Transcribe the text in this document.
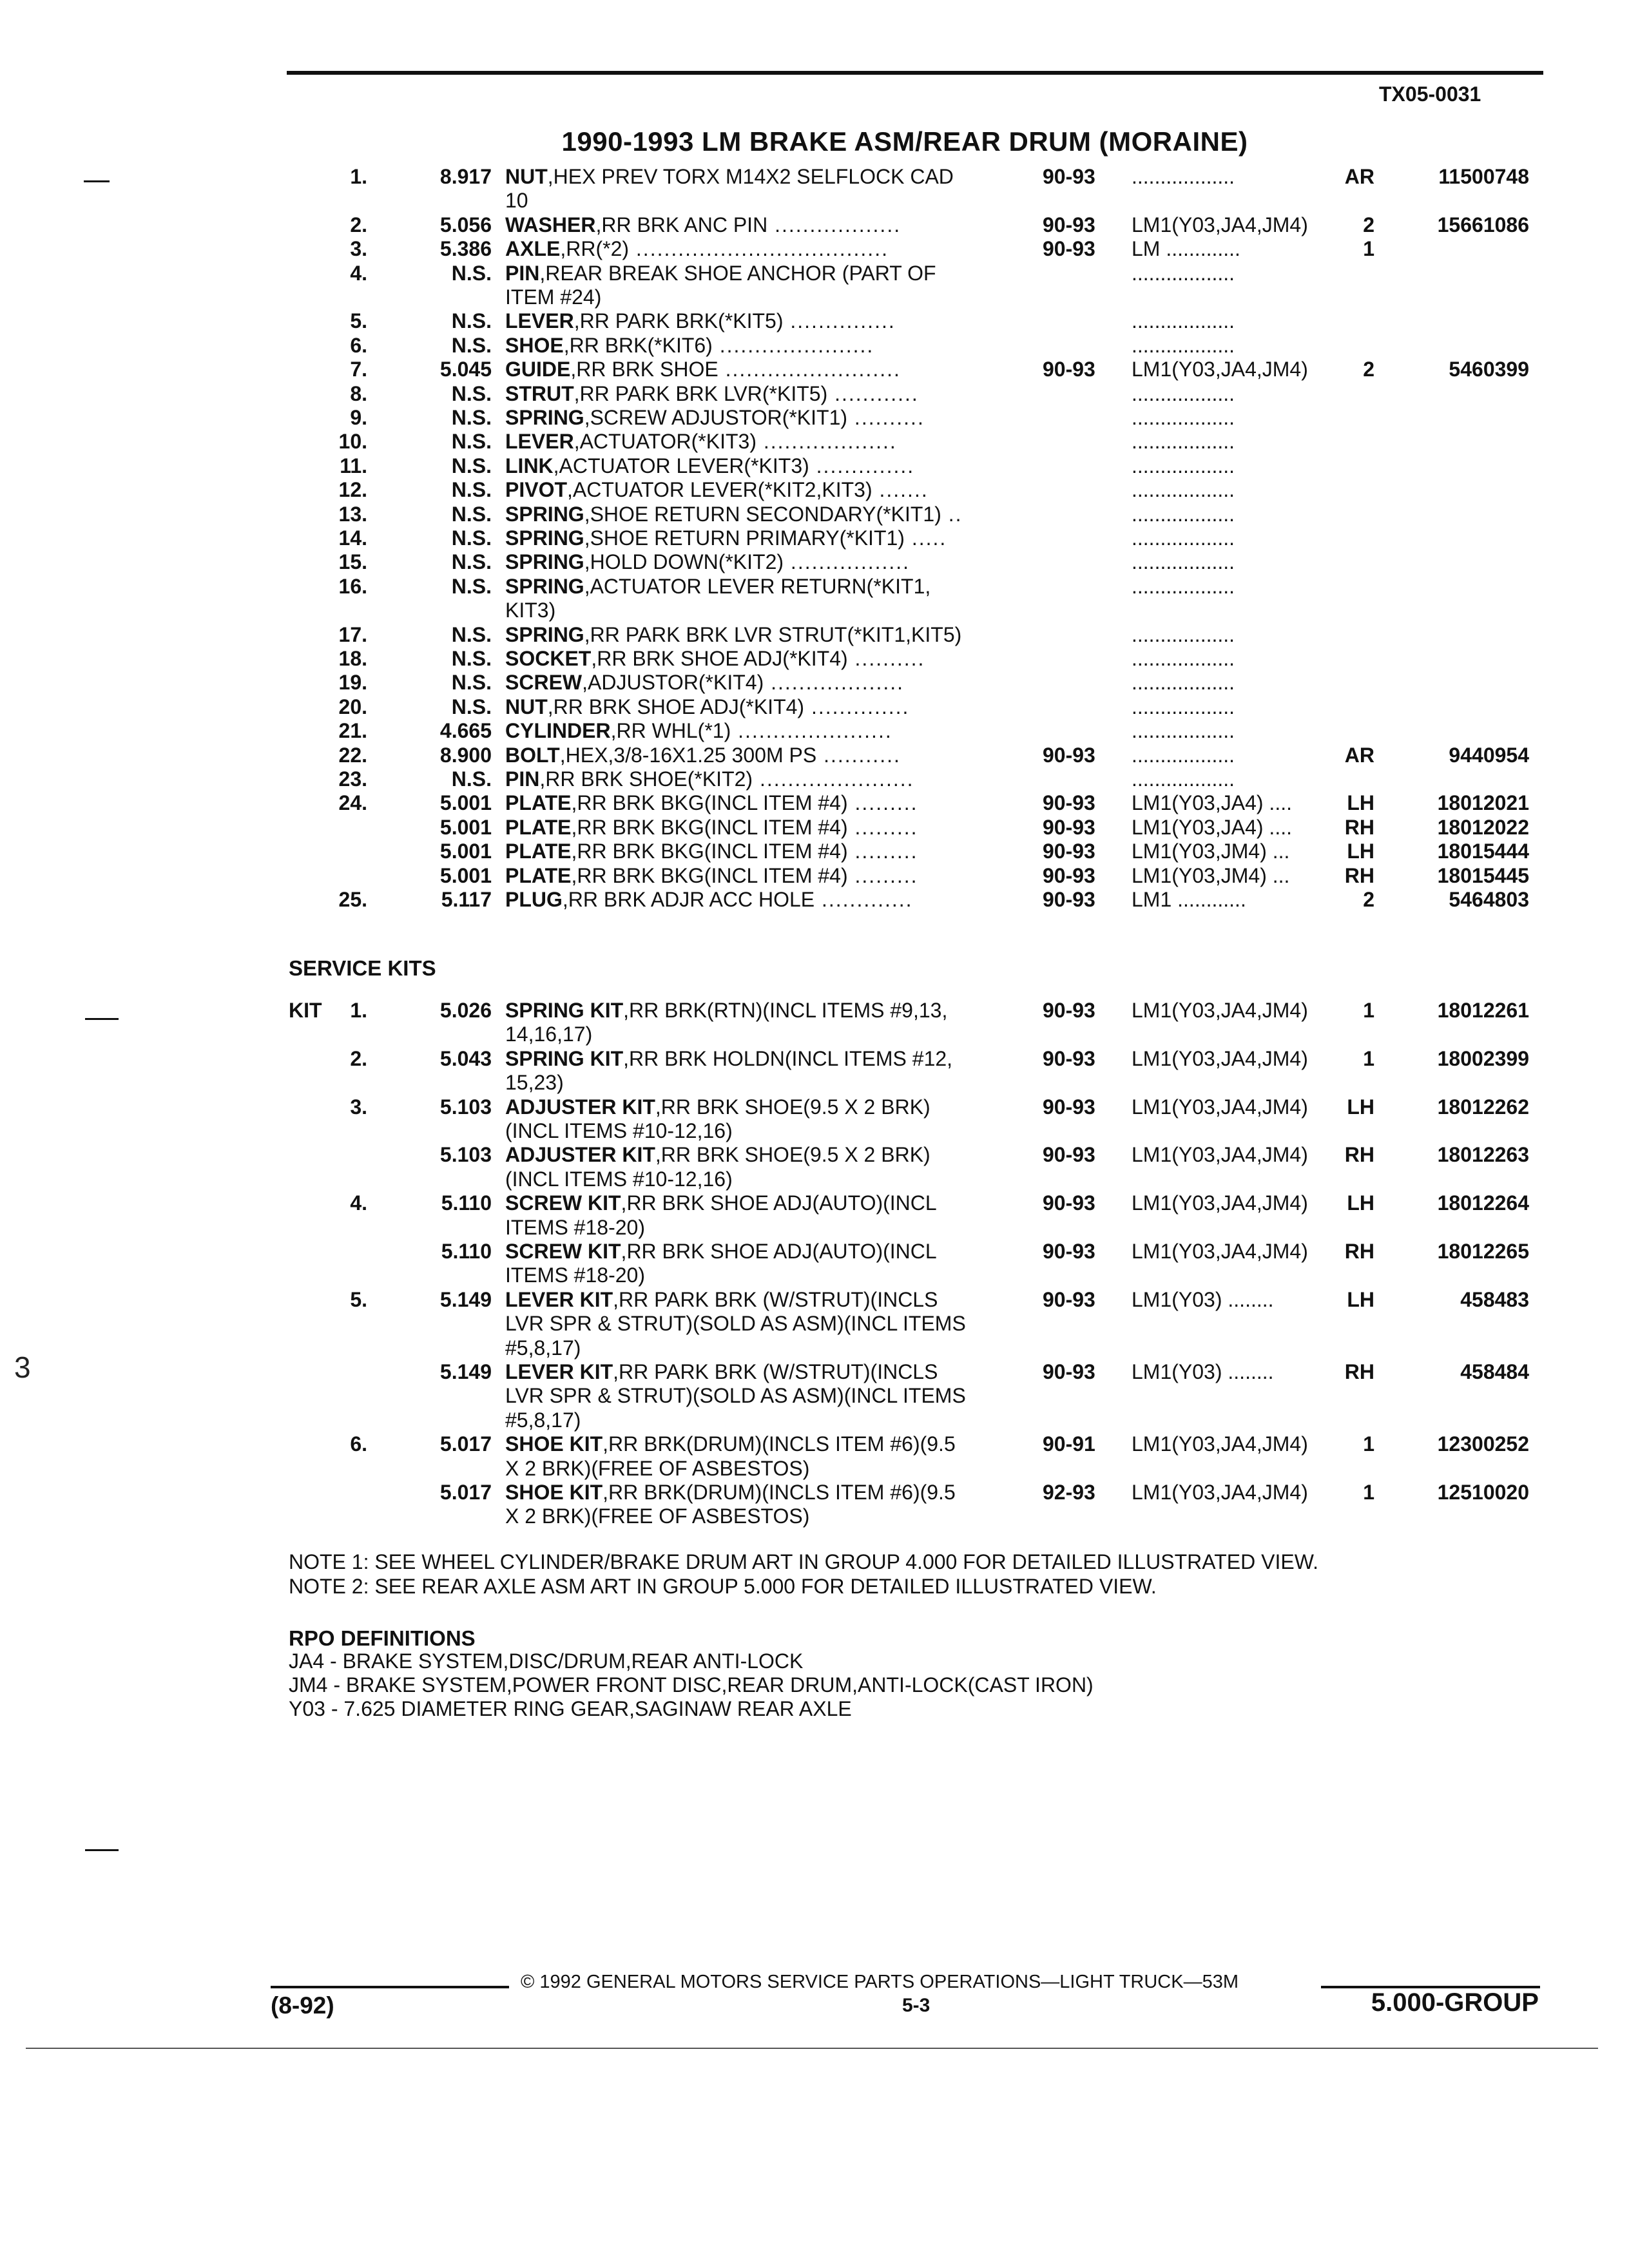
TX05-0031
1990-1993 LM BRAKE ASM/REAR DRUM (MORAINE)
1.	8.917 NUT,HEX PREV TORX M14X2 SELFLOCK CAD	90-93 ..................	AR	11500748
10
2.	5.056 WASHER,RR BRK ANC PIN ..................	90-93 LM1(Y03,JA4,JM4)	2	15661086
3.	5.386 AXLE,RR(*2) ....................................	90-93 LM .............	1
4.	N.S. PIN,REAR BREAK SHOE ANCHOR (PART OF	..................
ITEM #24)
5.	N.S. LEVER,RR PARK BRK(*KIT5) ...............	..................
6.	N.S. SHOE,RR BRK(*KIT6) ......................	..................
7.	5.045 GUIDE,RR BRK SHOE .........................	90-93 LM1(Y03,JA4,JM4)	2	5460399
8.	N.S. STRUT,RR PARK BRK LVR(*KIT5) ............	..................
9.	N.S. SPRING,SCREW ADJUSTOR(*KIT1) ..........	..................
10.	N.S. LEVER,ACTUATOR(*KIT3) ...................	..................
11.	N.S. LINK,ACTUATOR LEVER(*KIT3) ..............	..................
12.	N.S. PIVOT,ACTUATOR LEVER(*KIT2,KIT3) .......	..................
13.	N.S. SPRING,SHOE RETURN SECONDARY(*KIT1) ..	..................
14.	N.S. SPRING,SHOE RETURN PRIMARY(*KIT1) .....	..................
15.	N.S. SPRING,HOLD DOWN(*KIT2) .................	..................
16.	N.S. SPRING,ACTUATOR LEVER RETURN(*KIT1,	..................
KIT3)
17.	N.S. SPRING,RR PARK BRK LVR STRUT(*KIT1,KIT5)	..................
18.	N.S. SOCKET,RR BRK SHOE ADJ(*KIT4) ..........	..................
19.	N.S. SCREW,ADJUSTOR(*KIT4) ...................	..................
20.	N.S. NUT,RR BRK SHOE ADJ(*KIT4) ..............	..................
21.	4.665 CYLINDER,RR WHL(*1) ......................	..................
22.	8.900 BOLT,HEX,3/8-16X1.25 300M PS ...........	90-93 ..................	AR	9440954
23.	N.S. PIN,RR BRK SHOE(*KIT2) ......................	..................
24.	5.001 PLATE,RR BRK BKG(INCL ITEM #4) .........	90-93 LM1(Y03,JA4) ....	LH	18012021
5.001 PLATE,RR BRK BKG(INCL ITEM #4) .........	90-93 LM1(Y03,JA4) ....	RH	18012022
5.001 PLATE,RR BRK BKG(INCL ITEM #4) .........	90-93 LM1(Y03,JM4) ...	LH	18015444
5.001 PLATE,RR BRK BKG(INCL ITEM #4) .........	90-93 LM1(Y03,JM4) ...	RH	18015445
25.	5.117 PLUG,RR BRK ADJR ACC HOLE .............	90-93 LM1 ............	2	5464803
SERVICE KITS
KIT 1.	5.026 SPRING KIT,RR BRK(RTN)(INCL ITEMS #9,13,	90-93 LM1(Y03,JA4,JM4)	1	18012261
14,16,17)
2.	5.043 SPRING KIT,RR BRK HOLDN(INCL ITEMS #12,	90-93 LM1(Y03,JA4,JM4)	1	18002399
15,23)
3.	5.103 ADJUSTER KIT,RR BRK SHOE(9.5 X 2 BRK)	90-93 LM1(Y03,JA4,JM4)	LH	18012262
(INCL ITEMS #10-12,16)
5.103 ADJUSTER KIT,RR BRK SHOE(9.5 X 2 BRK)	90-93 LM1(Y03,JA4,JM4)	RH	18012263
(INCL ITEMS #10-12,16)
4.	5.110 SCREW KIT,RR BRK SHOE ADJ(AUTO)(INCL	90-93 LM1(Y03,JA4,JM4)	LH	18012264
ITEMS #18-20)
5.110 SCREW KIT,RR BRK SHOE ADJ(AUTO)(INCL	90-93 LM1(Y03,JA4,JM4)	RH	18012265
ITEMS #18-20)
5.	5.149 LEVER KIT,RR PARK BRK (W/STRUT)(INCLS	90-93 LM1(Y03) ........	LH	458483
LVR SPR & STRUT)(SOLD AS ASM)(INCL ITEMS
#5,8,17)
5.149 LEVER KIT,RR PARK BRK (W/STRUT)(INCLS	90-93 LM1(Y03) ........	RH	458484
LVR SPR & STRUT)(SOLD AS ASM)(INCL ITEMS
#5,8,17)
6.	5.017 SHOE KIT,RR BRK(DRUM)(INCLS ITEM #6)(9.5	90-91 LM1(Y03,JA4,JM4)	1	12300252
X 2 BRK)(FREE OF ASBESTOS)
5.017 SHOE KIT,RR BRK(DRUM)(INCLS ITEM #6)(9.5	92-93 LM1(Y03,JA4,JM4)	1	12510020
X 2 BRK)(FREE OF ASBESTOS)
NOTE 1: SEE WHEEL CYLINDER/BRAKE DRUM ART IN GROUP 4.000 FOR DETAILED ILLUSTRATED VIEW.
NOTE 2: SEE REAR AXLE ASM ART IN GROUP 5.000 FOR DETAILED ILLUSTRATED VIEW.
RPO DEFINITIONS
JA4 - BRAKE SYSTEM,DISC/DRUM,REAR ANTI-LOCK
JM4 - BRAKE SYSTEM,POWER FRONT DISC,REAR DRUM,ANTI-LOCK(CAST IRON)
Y03 - 7.625 DIAMETER RING GEAR,SAGINAW REAR AXLE
© 1992 GENERAL MOTORS SERVICE PARTS OPERATIONS—LIGHT TRUCK—53M
(8-92)	5-3	5.000-GROUP
3
